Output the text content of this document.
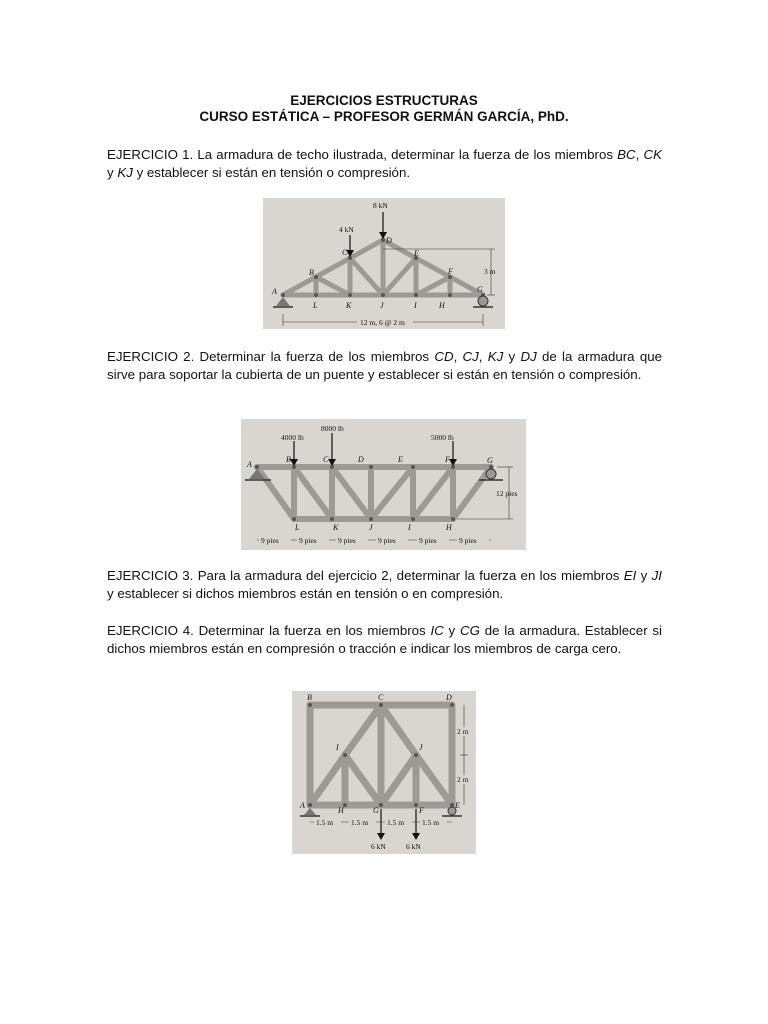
EJERCICIOS ESTRUCTURAS
CURSO ESTÁTICA – PROFESOR GERMÁN GARCÍA, PhD.
EJERCICIO 1. La armadura de techo ilustrada, determinar la fuerza de los miembros BC, CK y KJ y establecer si están en tensión o compresión.
8 kN
4 kN
3 m
12 m, 6 @ 2 m
A
B
C
D
E
F
G
L	K	J	I	H
EJERCICIO 2. Determinar la fuerza de los miembros CD, CJ, KJ y DJ de la armadura que sirve para soportar la cubierta de un puente y establecer si están en tensión o compresión.
4000 lb
8000 lb
5000 lb
12 pies
A
B	C	D	E	F	G
L	K	J	I	H
9 pies	9 pies	9 pies	9 pies	9 pies	9 pies
EJERCICIO 3. Para la armadura del ejercicio 2, determinar la fuerza en los miembros EI y JI y establecer si dichos miembros están en tensión o en compresión.
EJERCICIO 4. Determinar la fuerza en los miembros IC y CG de la armadura. Establecer si dichos miembros están en compresión o tracción e indicar los miembros de carga cero.
2 m
2 m
1.5 m 1.5 m	1.5 m 1.5 m
6 kN	6 kN
B	C	D
I	J
A
H	G	F
E
